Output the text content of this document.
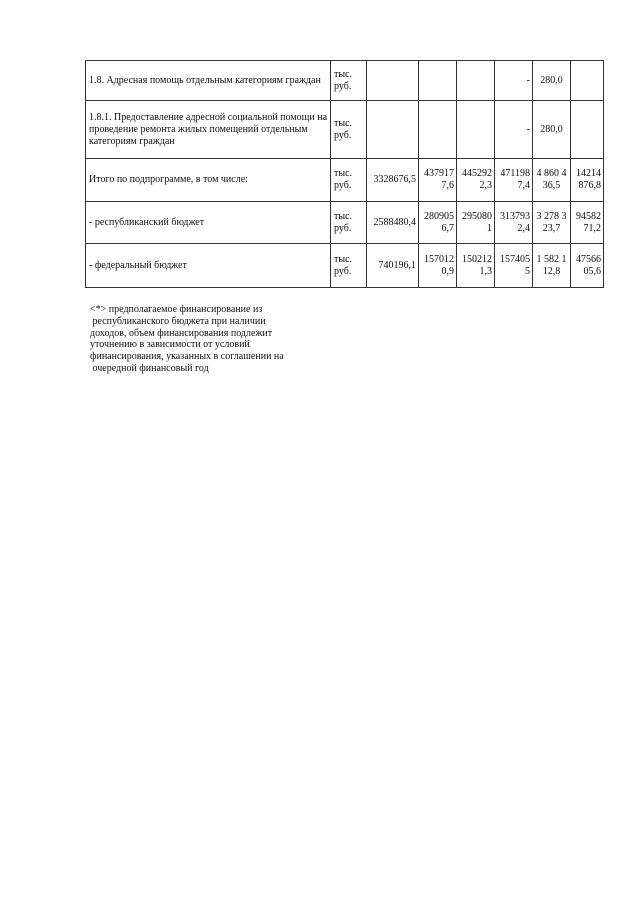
1.8. Адресная помощь отдельным категориям граждан	тыс. руб.				-	280,0	
1.8.1. Предоставление адресной социальной помощи на проведение ремонта жилых помещений отдельным категориям граждан	тыс. руб.				-	280,0	
Итого по подпрограмме, в том числе:	тыс. руб.	3328676,5	4379177,6	4452922,3	4711987,4	4 860 436,5	14214876,8
- республиканский бюджет	тыс. руб.	2588480,4	2809056,7	2950801	3137932,4	3 278 323,7	9458271,2
- федеральный бюджет	тыс. руб.	740196,1	1570120,9	1502121,3	1574055	1 582 112,8	4756605,6

<*> предполагаемое финансирование из
республиканского бюджета при наличии
доходов, объем финансирования подлежит
уточнению в зависимости от условий
финансирования, указанных в соглашении на
очередной финансовый год
